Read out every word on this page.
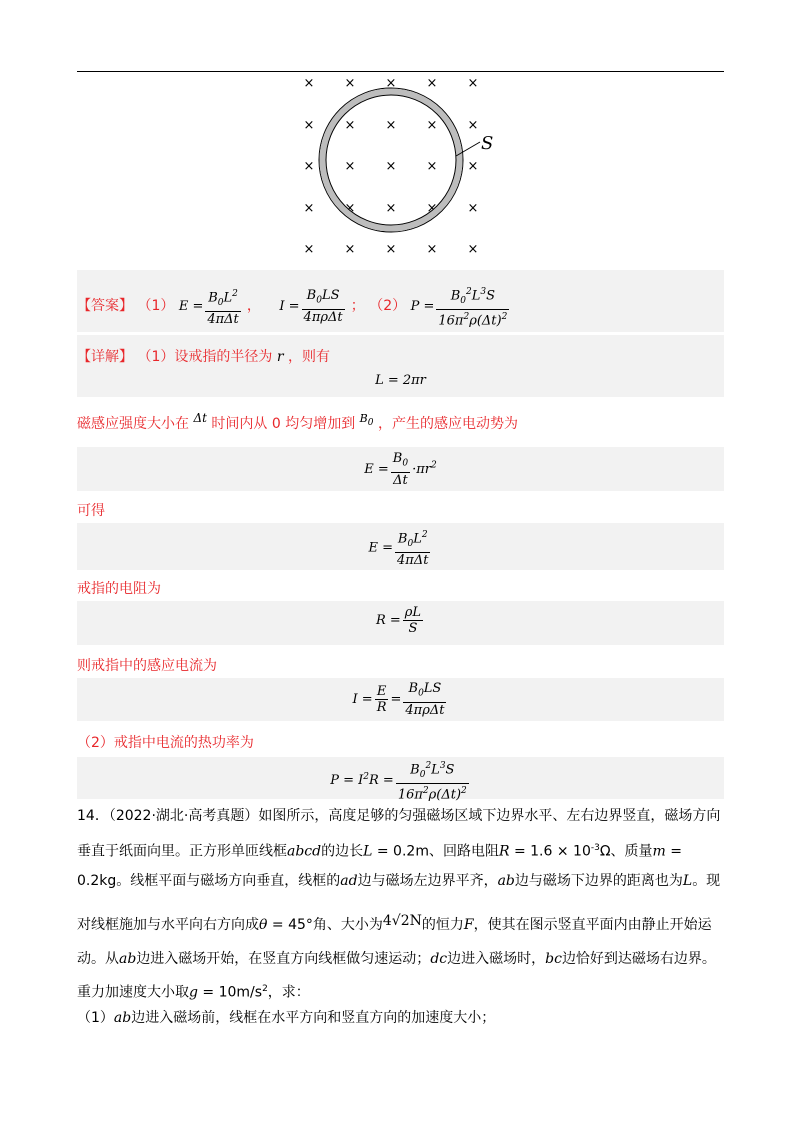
× × × × ×
× × × × ×
× × × × ×
× × × × ×
× × × × ×
S
【答案】 （1） $E = \frac{B_0L^2}{\text{4πΔt}}$ ， $I = \frac{B_0LS}{\text{4πρΔt}}$ ； （2） $P = \frac{B_0^2L^3S}{16\pi^2\rho(\Delta t)^2}$
【详解】 （1）设戒指的半径为 r ，则有
L = 2πr
磁感应强度大小在 Δt 时间内从 0 均匀增加到 $^{B_0}$ ，产生的感应电动势为
$E = \frac{B_0}{\Delta t} \cdot\pi r^2$
可得
$E = \frac{B_0L^2}{\text{4πΔt}}$
戒指的电阻为
$R = \frac{\rho L}{S}$
则戒指中的感应电流为
$I = \frac{E}{R} = \frac{B_0LS}{\text{4πρΔt}}$
（2）戒指中电流的热功率为
$P = I^2R = \frac{B_0^2L^3S}{16\pi^2\rho(\Delta t)^2}$
14．（2022·湖北·高考真题）如图所示，高度足够的匀强磁场区域下边界水平、左右边界竖直，磁场方向
垂直于纸面向里。正方形单匝线框abcd的边长L = 0.2m、回路电阻$R = 1.6 \times 10^{-3}\Omega$、质量m =
0.2kg。线框平面与磁场方向垂直，线框的ad边与磁场左边界平齐，ab边与磁场下边界的距离也为L。现
对线框施加与水平向右方向成θ = 45°角、大小为4√2N的恒力F，使其在图示竖直平面内由静止开始运
动。从ab边进入磁场开始，在竖直方向线框做匀速运动；dc边进入磁场时，bc边恰好到达磁场右边界。
重力加速度大小取$g = 10m/s^2$，求：
（1）ab边进入磁场前，线框在水平方向和竖直方向的加速度大小；
